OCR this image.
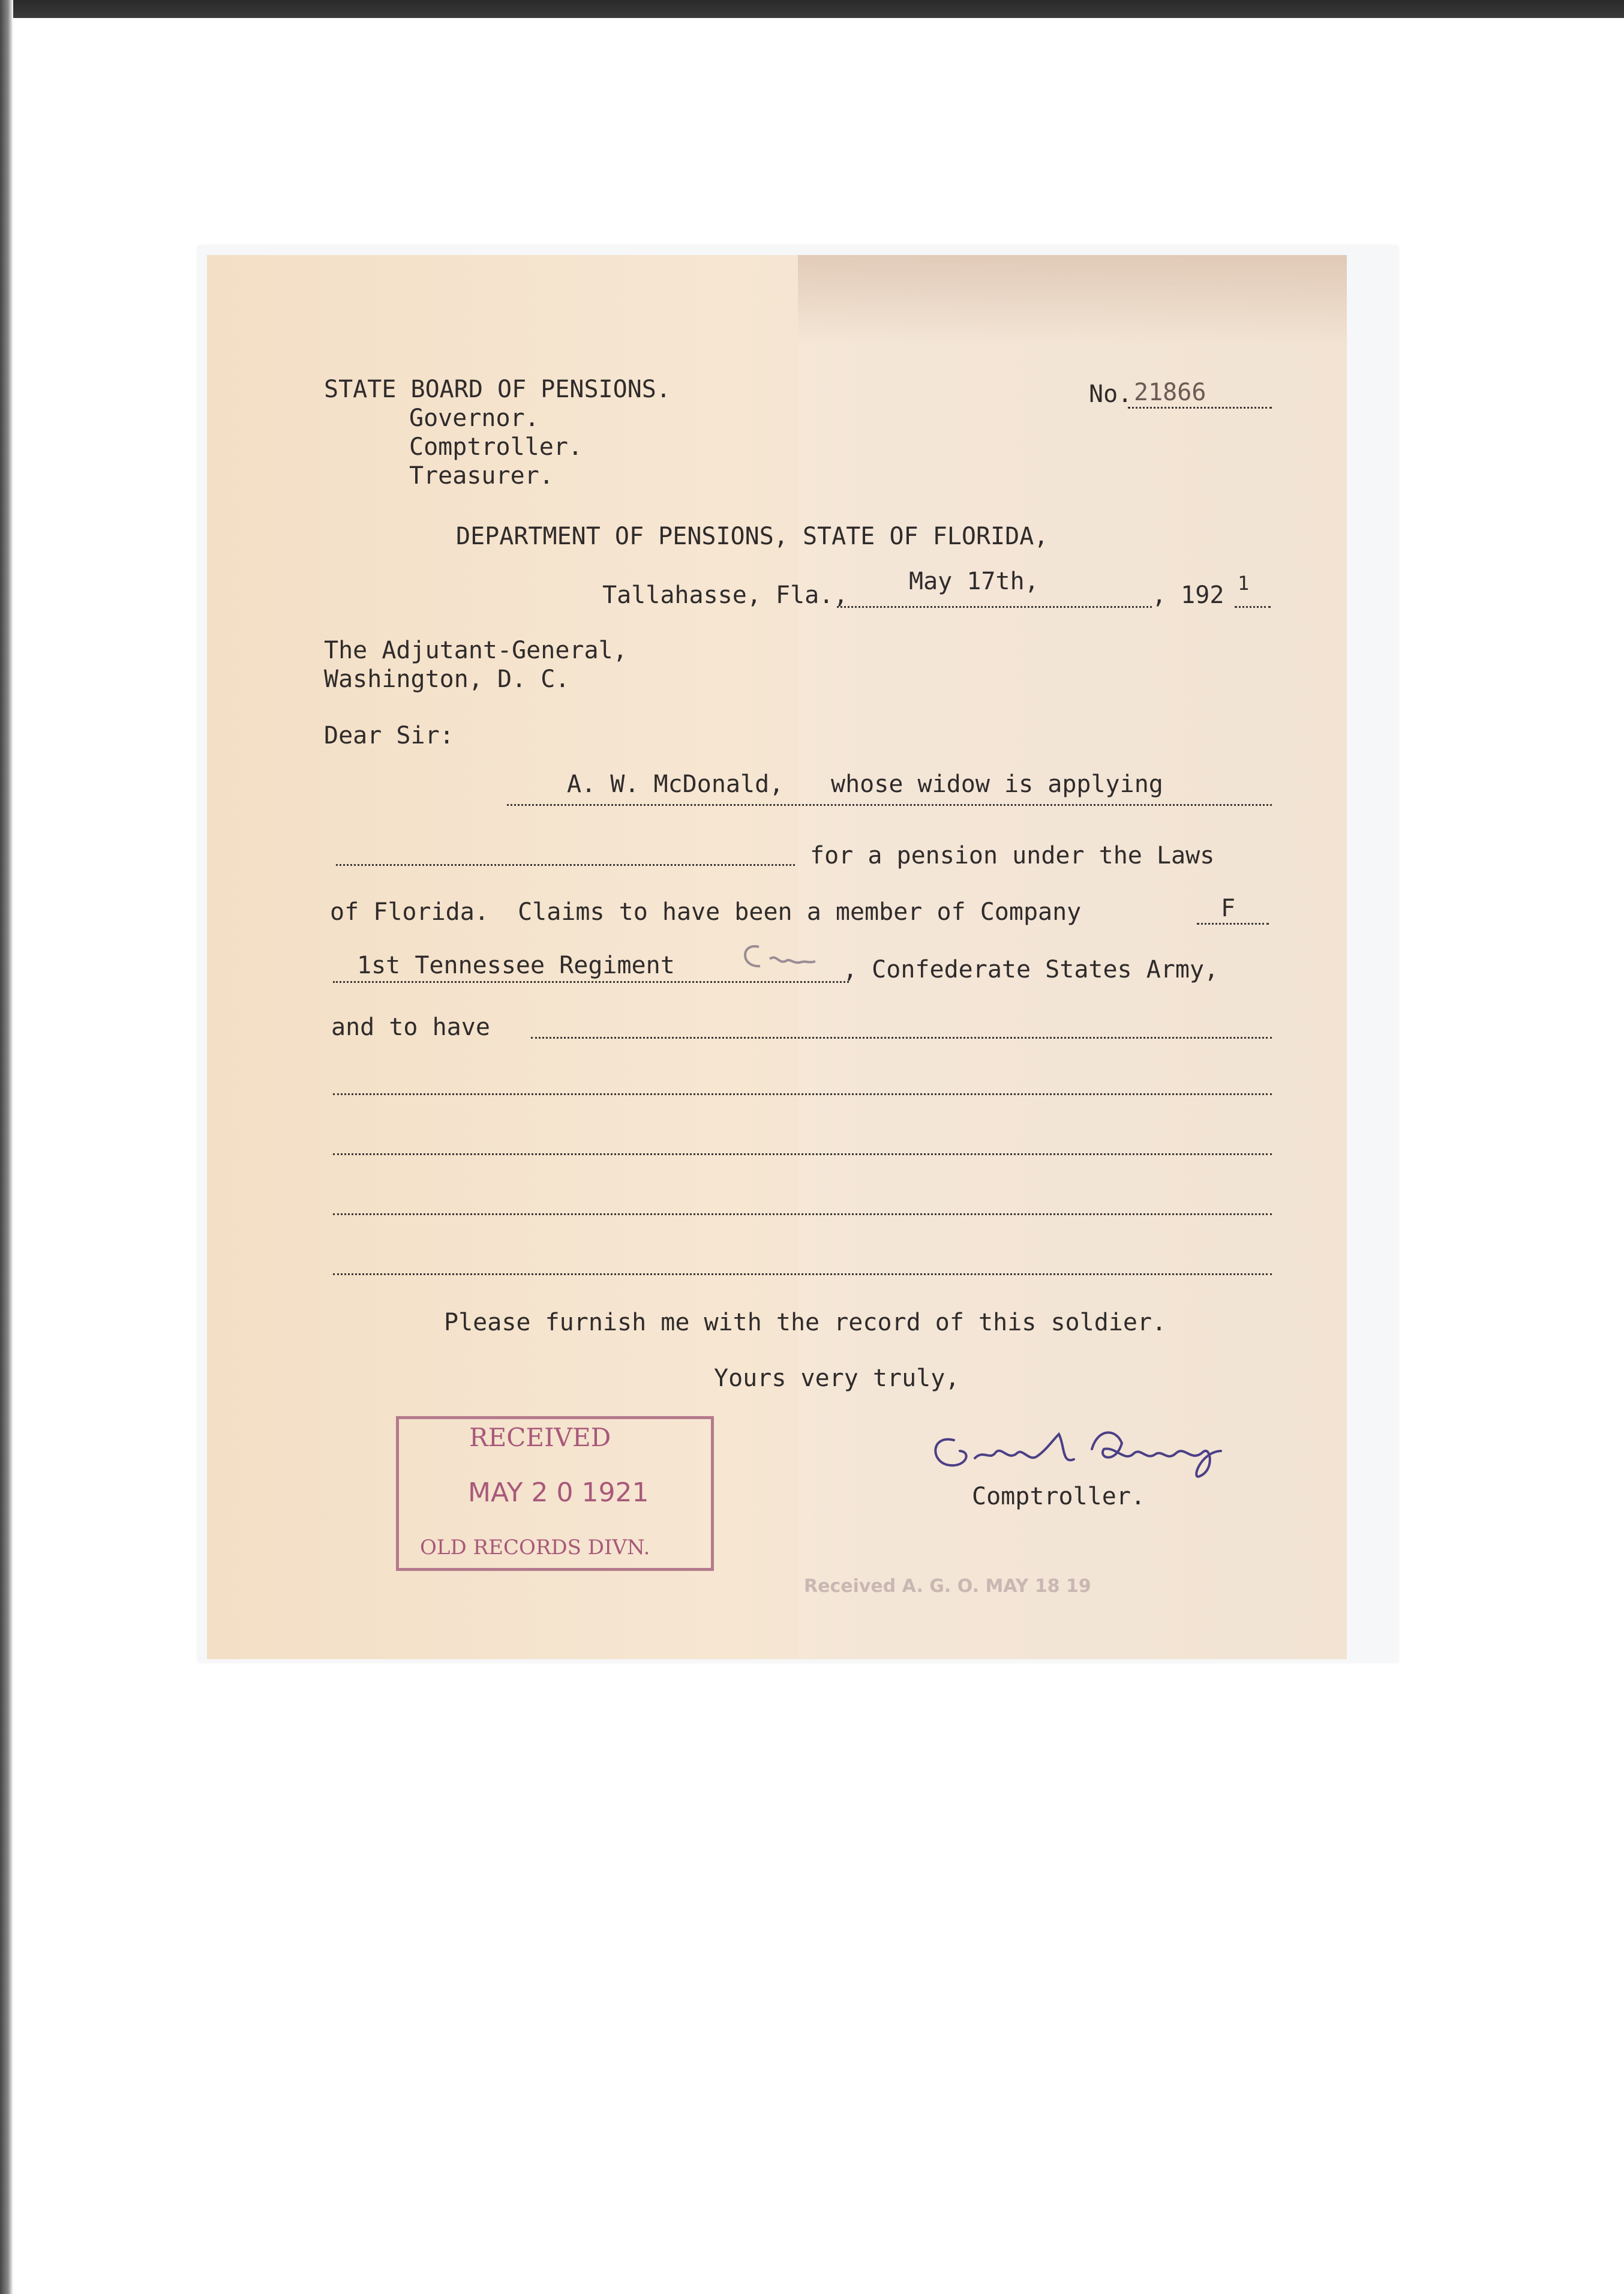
STATE BOARD OF PENSIONS.
Governor.
Comptroller.
Treasurer.
No. 21866
DEPARTMENT OF PENSIONS, STATE OF FLORIDA,
Tallahasse, Fla.,	May 17th,	, 192 1
The Adjutant-General,
Washington, D. C.
Dear Sir:
A. W. McDonald, whose widow is applying
for a pension under the Laws
of Florida.  Claims to have been a member of Company	F
1st Tennessee Regiment	, Confederate States Army,
and to have
Please furnish me with the record of this soldier.
Yours very truly,
Comptroller.
RECEIVED
MAY 2 0 1921
OLD RECORDS DIVN.
Received A. G. O. MAY 18 19
